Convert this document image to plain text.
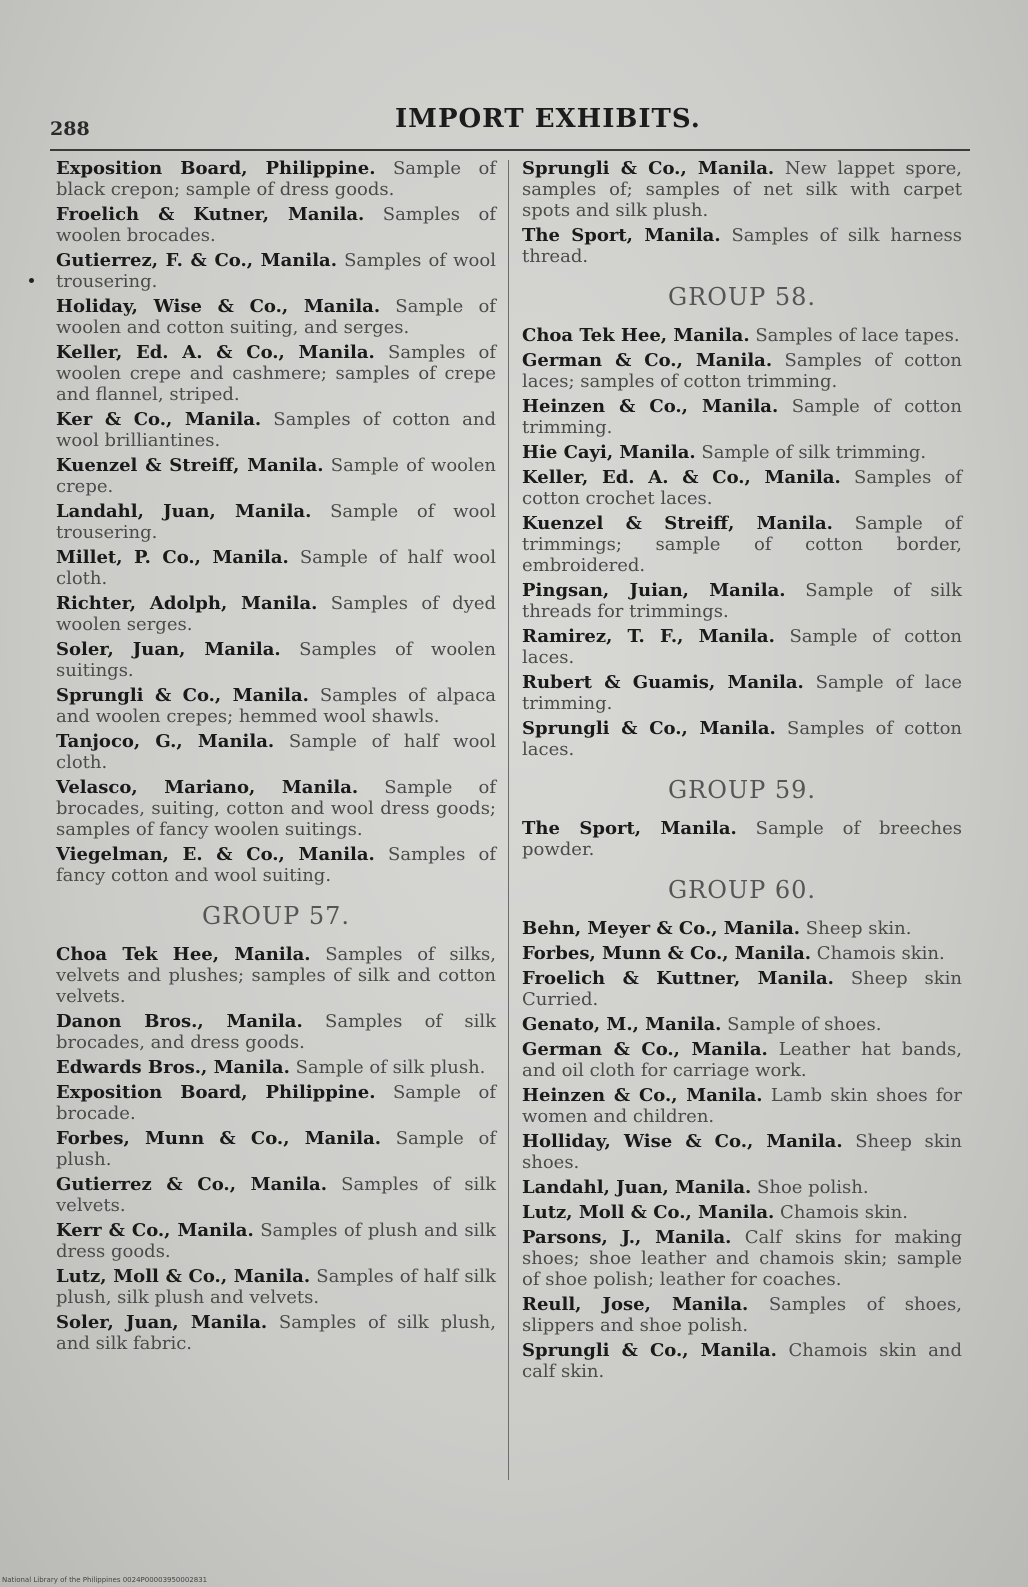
288	IMPORT EXHIBITS.

Exposition Board, Philippine. Sample of black crepon; sample of dress goods.

Froelich & Kutner, Manila. Samples of woolen brocades.

Gutierrez, F. & Co., Manila. Samples of wool trousering.

Holiday, Wise & Co., Manila. Sample of woolen and cotton suiting, and serges.

Keller, Ed. A. & Co., Manila. Samples of woolen crepe and cashmere; samples of crepe and flannel, striped.

Ker & Co., Manila. Samples of cotton and wool brilliantines.

Kuenzel & Streiff, Manila. Sample of woolen crepe.

Landahl, Juan, Manila. Sample of wool trousering.

Millet, P. Co., Manila. Sample of half wool cloth.

Richter, Adolph, Manila. Samples of dyed woolen serges.

Soler, Juan, Manila. Samples of woolen suitings.

Sprungli & Co., Manila. Samples of alpaca and woolen crepes; hemmed wool shawls.

Tanjoco, G., Manila. Sample of half wool cloth.

Velasco, Mariano, Manila. Sample of brocades, suiting, cotton and wool dress goods; samples of fancy woolen suitings.

Viegelman, E. & Co., Manila. Samples of fancy cotton and wool suiting.

GROUP 57.

Choa Tek Hee, Manila. Samples of silks, velvets and plushes; samples of silk and cotton velvets.

Danon Bros., Manila. Samples of silk brocades, and dress goods.

Edwards Bros., Manila. Sample of silk plush.

Exposition Board, Philippine. Sample of brocade.

Forbes, Munn & Co., Manila. Sample of plush.

Gutierrez & Co., Manila. Samples of silk velvets.

Kerr & Co., Manila. Samples of plush and silk dress goods.

Lutz, Moll & Co., Manila. Samples of half silk plush, silk plush and velvets.

Soler, Juan, Manila. Samples of silk plush, and silk fabric.

Sprungli & Co., Manila. New lappet spore, samples of; samples of net silk with carpet spots and silk plush.

The Sport, Manila. Samples of silk harness thread.

GROUP 58.

Choa Tek Hee, Manila. Samples of lace tapes.

German & Co., Manila. Samples of cotton laces; samples of cotton trimming.

Heinzen & Co., Manila. Sample of cotton trimming.

Hie Cayi, Manila. Sample of silk trimming.

Keller, Ed. A. & Co., Manila. Samples of cotton crochet laces.

Kuenzel & Streiff, Manila. Sample of trimmings; sample of cotton border, embroidered.

Pingsan, Juian, Manila. Sample of silk threads for trimmings.

Ramirez, T. F., Manila. Sample of cotton laces.

Rubert & Guamis, Manila. Sample of lace trimming.

Sprungli & Co., Manila. Samples of cotton laces.

GROUP 59.

The Sport, Manila. Sample of breeches powder.

GROUP 60.

Behn, Meyer & Co., Manila. Sheep skin.

Forbes, Munn & Co., Manila. Chamois skin.

Froelich & Kuttner, Manila. Sheep skin Curried.

Genato, M., Manila. Sample of shoes.

German & Co., Manila. Leather hat bands, and oil cloth for carriage work.

Heinzen & Co., Manila. Lamb skin shoes for women and children.

Holliday, Wise & Co., Manila. Sheep skin shoes.

Landahl, Juan, Manila. Shoe polish.

Lutz, Moll & Co., Manila. Chamois skin.

Parsons, J., Manila. Calf skins for making shoes; shoe leather and chamois skin; sample of shoe polish; leather for coaches.

Reull, Jose, Manila. Samples of shoes, slippers and shoe polish.

Sprungli & Co., Manila. Chamois skin and calf skin.

National Library of the Philippines 0024P00003950002831
